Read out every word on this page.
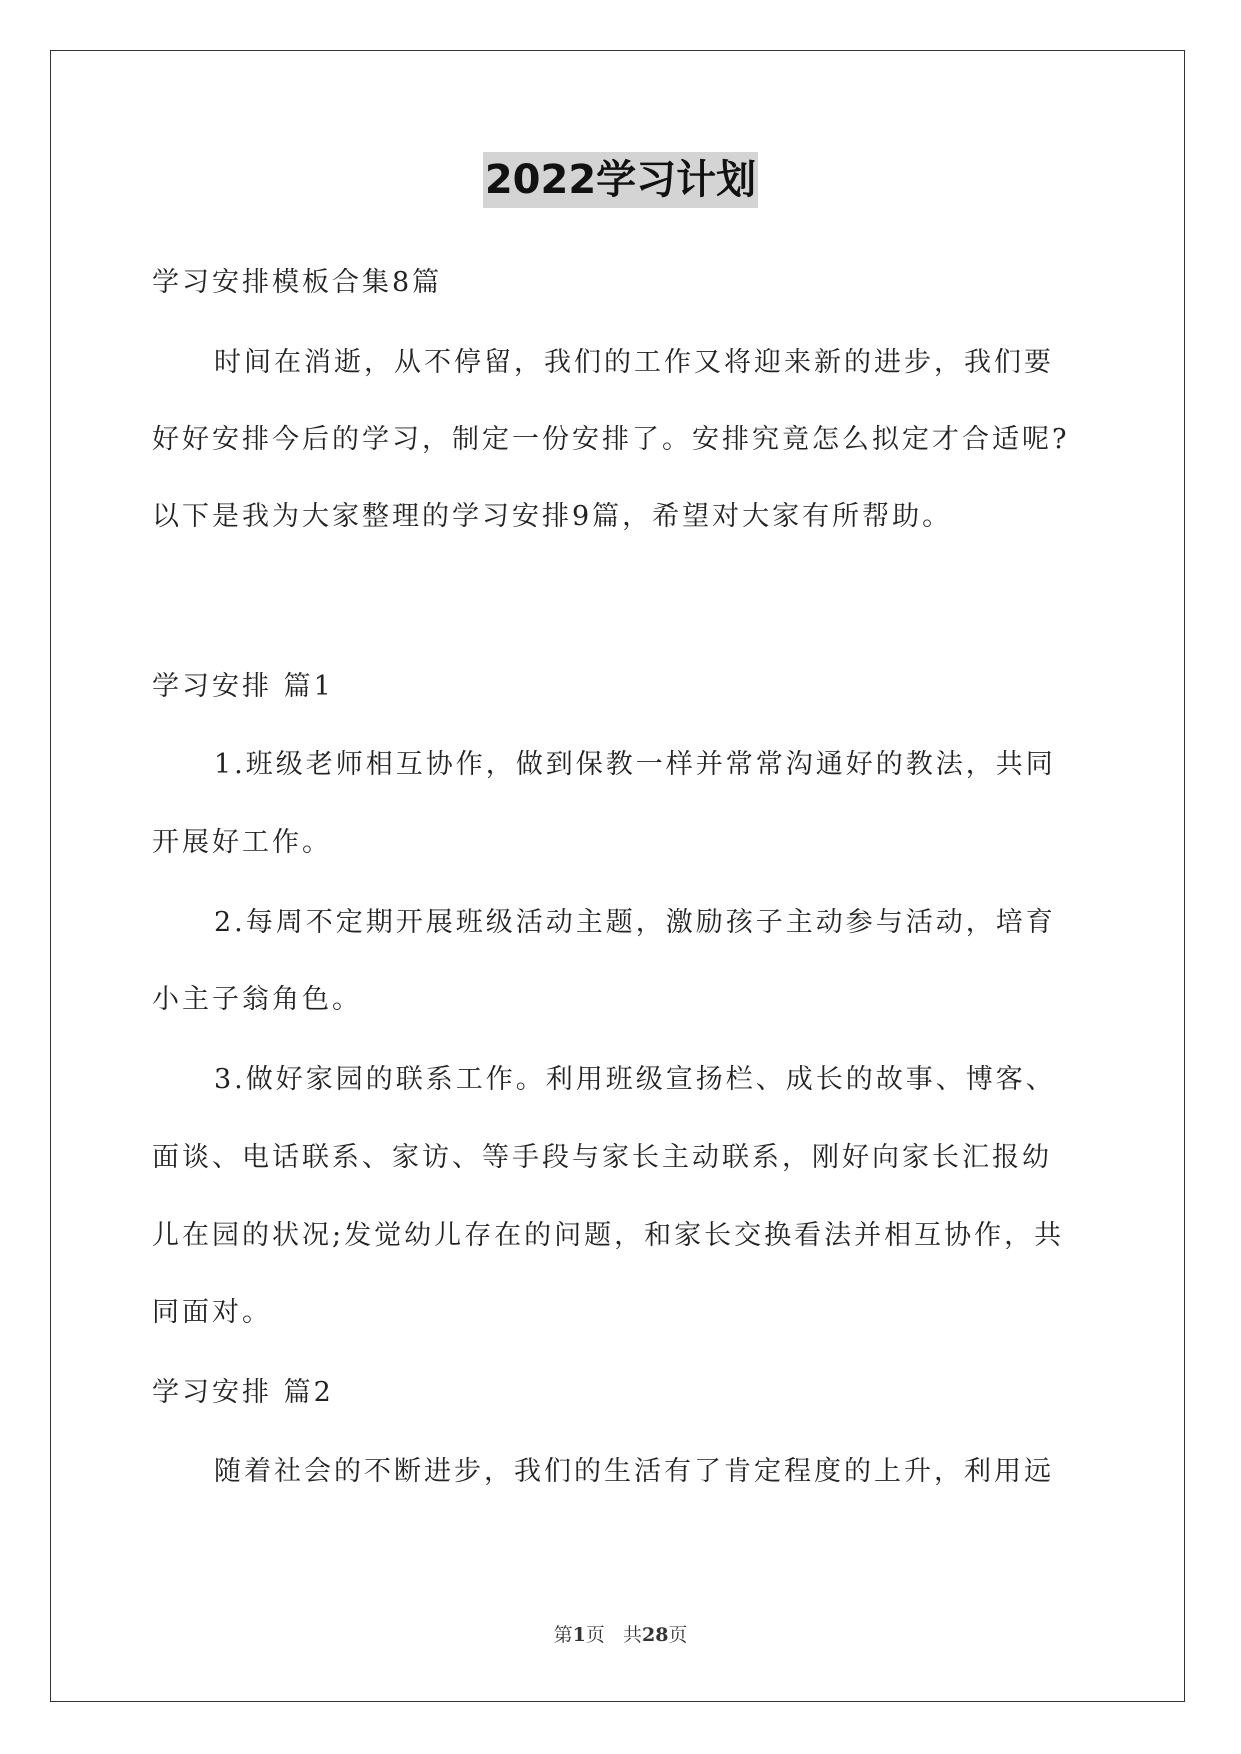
2022学习计划
学习安排模板合集8篇
时间在消逝，从不停留，我们的工作又将迎来新的进步，我们要
好好安排今后的学习，制定一份安排了。安排究竟怎么拟定才合适呢?
以下是我为大家整理的学习安排9篇，希望对大家有所帮助。
学习安排 篇1
1.班级老师相互协作，做到保教一样并常常沟通好的教法，共同
开展好工作。
2.每周不定期开展班级活动主题，激励孩子主动参与活动，培育
小主子翁角色。
3.做好家园的联系工作。利用班级宣扬栏、成长的故事、博客、
面谈、电话联系、家访、等手段与家长主动联系，刚好向家长汇报幼
儿在园的状况;发觉幼儿存在的问题，和家长交换看法并相互协作，共
同面对。
学习安排 篇2
随着社会的不断进步，我们的生活有了肯定程度的上升，利用远
第1页 共28页
